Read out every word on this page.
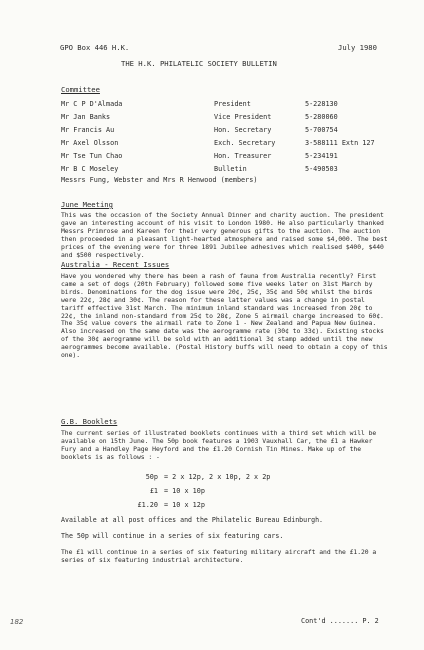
GPO Box 446 H.K.	July 1980
THE H.K. PHILATELIC SOCIETY BULLETIN
Committee
Mr C P D'Almada	President	5-228130
Mr Jan Banks	Vice President	5-280060
Mr Francis Au	Hon. Secretary	5-700754
Mr Axel Olsson	Exch. Secretary	3-588111 Extn 127
Mr Tse Tun Chao	Hon. Treasurer	5-234191
Mr B C Moseley	Bulletin	5-490503
Messrs Fung, Webster and Mrs R Henwood (members)
June Meeting
This was the occasion of the Society Annual Dinner and charity auction. The president gave an interesting account of his visit to London 1980. He also particularly thanked Messrs Primrose and Kareen for their very generous gifts to the auction. The auction then proceeded in a pleasant light-hearted atmosphere and raised some $4,000. The best prices of the evening were for three 1891 Jubilee adhesives which realised $400, $440 and $500 respectively.
Australia - Recent Issues
Have you wondered why there has been a rash of fauna from Australia recently? First came a set of dogs (20th February) followed some five weeks later on 31st March by birds. Denominations for the dog issue were 20¢, 25¢, 35¢ and 50¢ whilst the birds were 22¢, 28¢ and 30¢. The reason for these latter values was a change in postal tariff effective 31st March. The minimum inland standard was increased from 20¢ to 22¢, the inland non-standard from 25¢ to 28¢, Zone 5 airmail charge increased to 60¢. The 35¢ value covers the airmail rate to Zone 1 - New Zealand and Papua New Guinea. Also increased on the same date was the aerogramme rate (30¢ to 33¢). Existing stocks of the 30¢ aerogramme will be sold with an additional 3¢ stamp added until the new aerogrammes become available. (Postal History buffs will need to obtain a copy of this one).
G.B. Booklets
The current series of illustrated booklets continues with a third set which will be available on 15th June. The 50p book features a 1903 Vauxhall Car, the £1 a Hawker Fury and a Handley Page Heyford and the £1.20 Cornish Tin Mines. Make up of the booklets is as follows : -
50p = 2 x 12p, 2 x 10p, 2 x 2p
£1 = 10 x 10p
£1.20 = 10 x 12p
Available at all post offices and the Philatelic Bureau Edinburgh.
The 50p will continue in a series of six featuring cars.
The £1 will continue in a series of six featuring military aircraft and the £1.20 a series of six featuring industrial architecture.
Cont'd ....... P. 2
182
